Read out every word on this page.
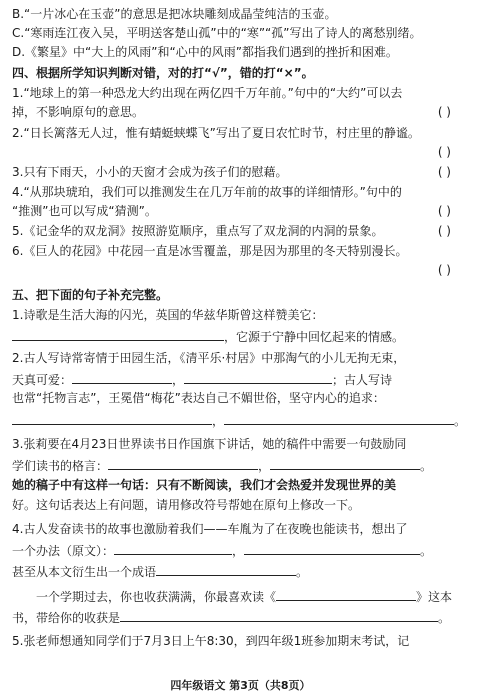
B.“一片冰心在玉壶”的意思是把冰块雕刻成晶莹纯洁的玉壶。
C.“寒雨连江夜入吴，平明送客楚山孤”中的“寒”“孤”写出了诗人的离愁别绪。
D.《繁星》中“大上的风雨”和“心中的风雨”都指我们遇到的挫折和困难。
四、根据所学知识判断对错，对的打“√”，错的打“×”。
1.“地球上的第一种恐龙大约出现在两亿四千万年前。”句中的“大约”可以去
掉，不影响原句的意思。	( )
2.“日长篱落无人过，惟有蜻蜓蛱蝶飞”写出了夏日农忙时节，村庄里的静谧。
( )
3.只有下雨天，小小的天窗才会成为孩子们的慰藉。	( )
4.“从那块琥珀，我们可以推测发生在几万年前的故事的详细情形。”句中的
“推测”也可以写成“猜测”。	( )
5.《记金华的双龙洞》按照游览顺序，重点写了双龙洞的内洞的景象。	( )
6.《巨人的花园》中花园一直是冰雪覆盖，那是因为那里的冬天特别漫长。
( )
五、把下面的句子补充完整。
1.诗歌是生活大海的闪光，英国的华兹华斯曾这样赞美它：
，它源于宁静中回忆起来的情感。
2.古人写诗常寄情于田园生活，《清平乐·村居》中那淘气的小儿无拘无束，
天真可爱：	，	；古人写诗
也常“托物言志”，王冕借“梅花”表达自己不媚世俗，坚守内心的追求：
，	。
3.张莉要在4月23日世界读书日作国旗下讲话，她的稿件中需要一句鼓励同
学们读书的格言：	，	。
她的稿子中有这样一句话：只有不断阅读，我们才会热爱并发现世界的美
好。这句话表达上有问题，请用修改符号帮她在原句上修改一下。
4.古人发奋读书的故事也激励着我们——车胤为了在夜晚也能读书，想出了
一个办法（原文）：	，	。
甚至从本文衍生出一个成语	。
一个学期过去，你也收获满满，你最喜欢读《	》这本
书，带给你的收获是	。
5.张老师想通知同学们于7月3日上午8:30，到四年级1班参加期末考试，记
四年级语文 第3页（共8页）
